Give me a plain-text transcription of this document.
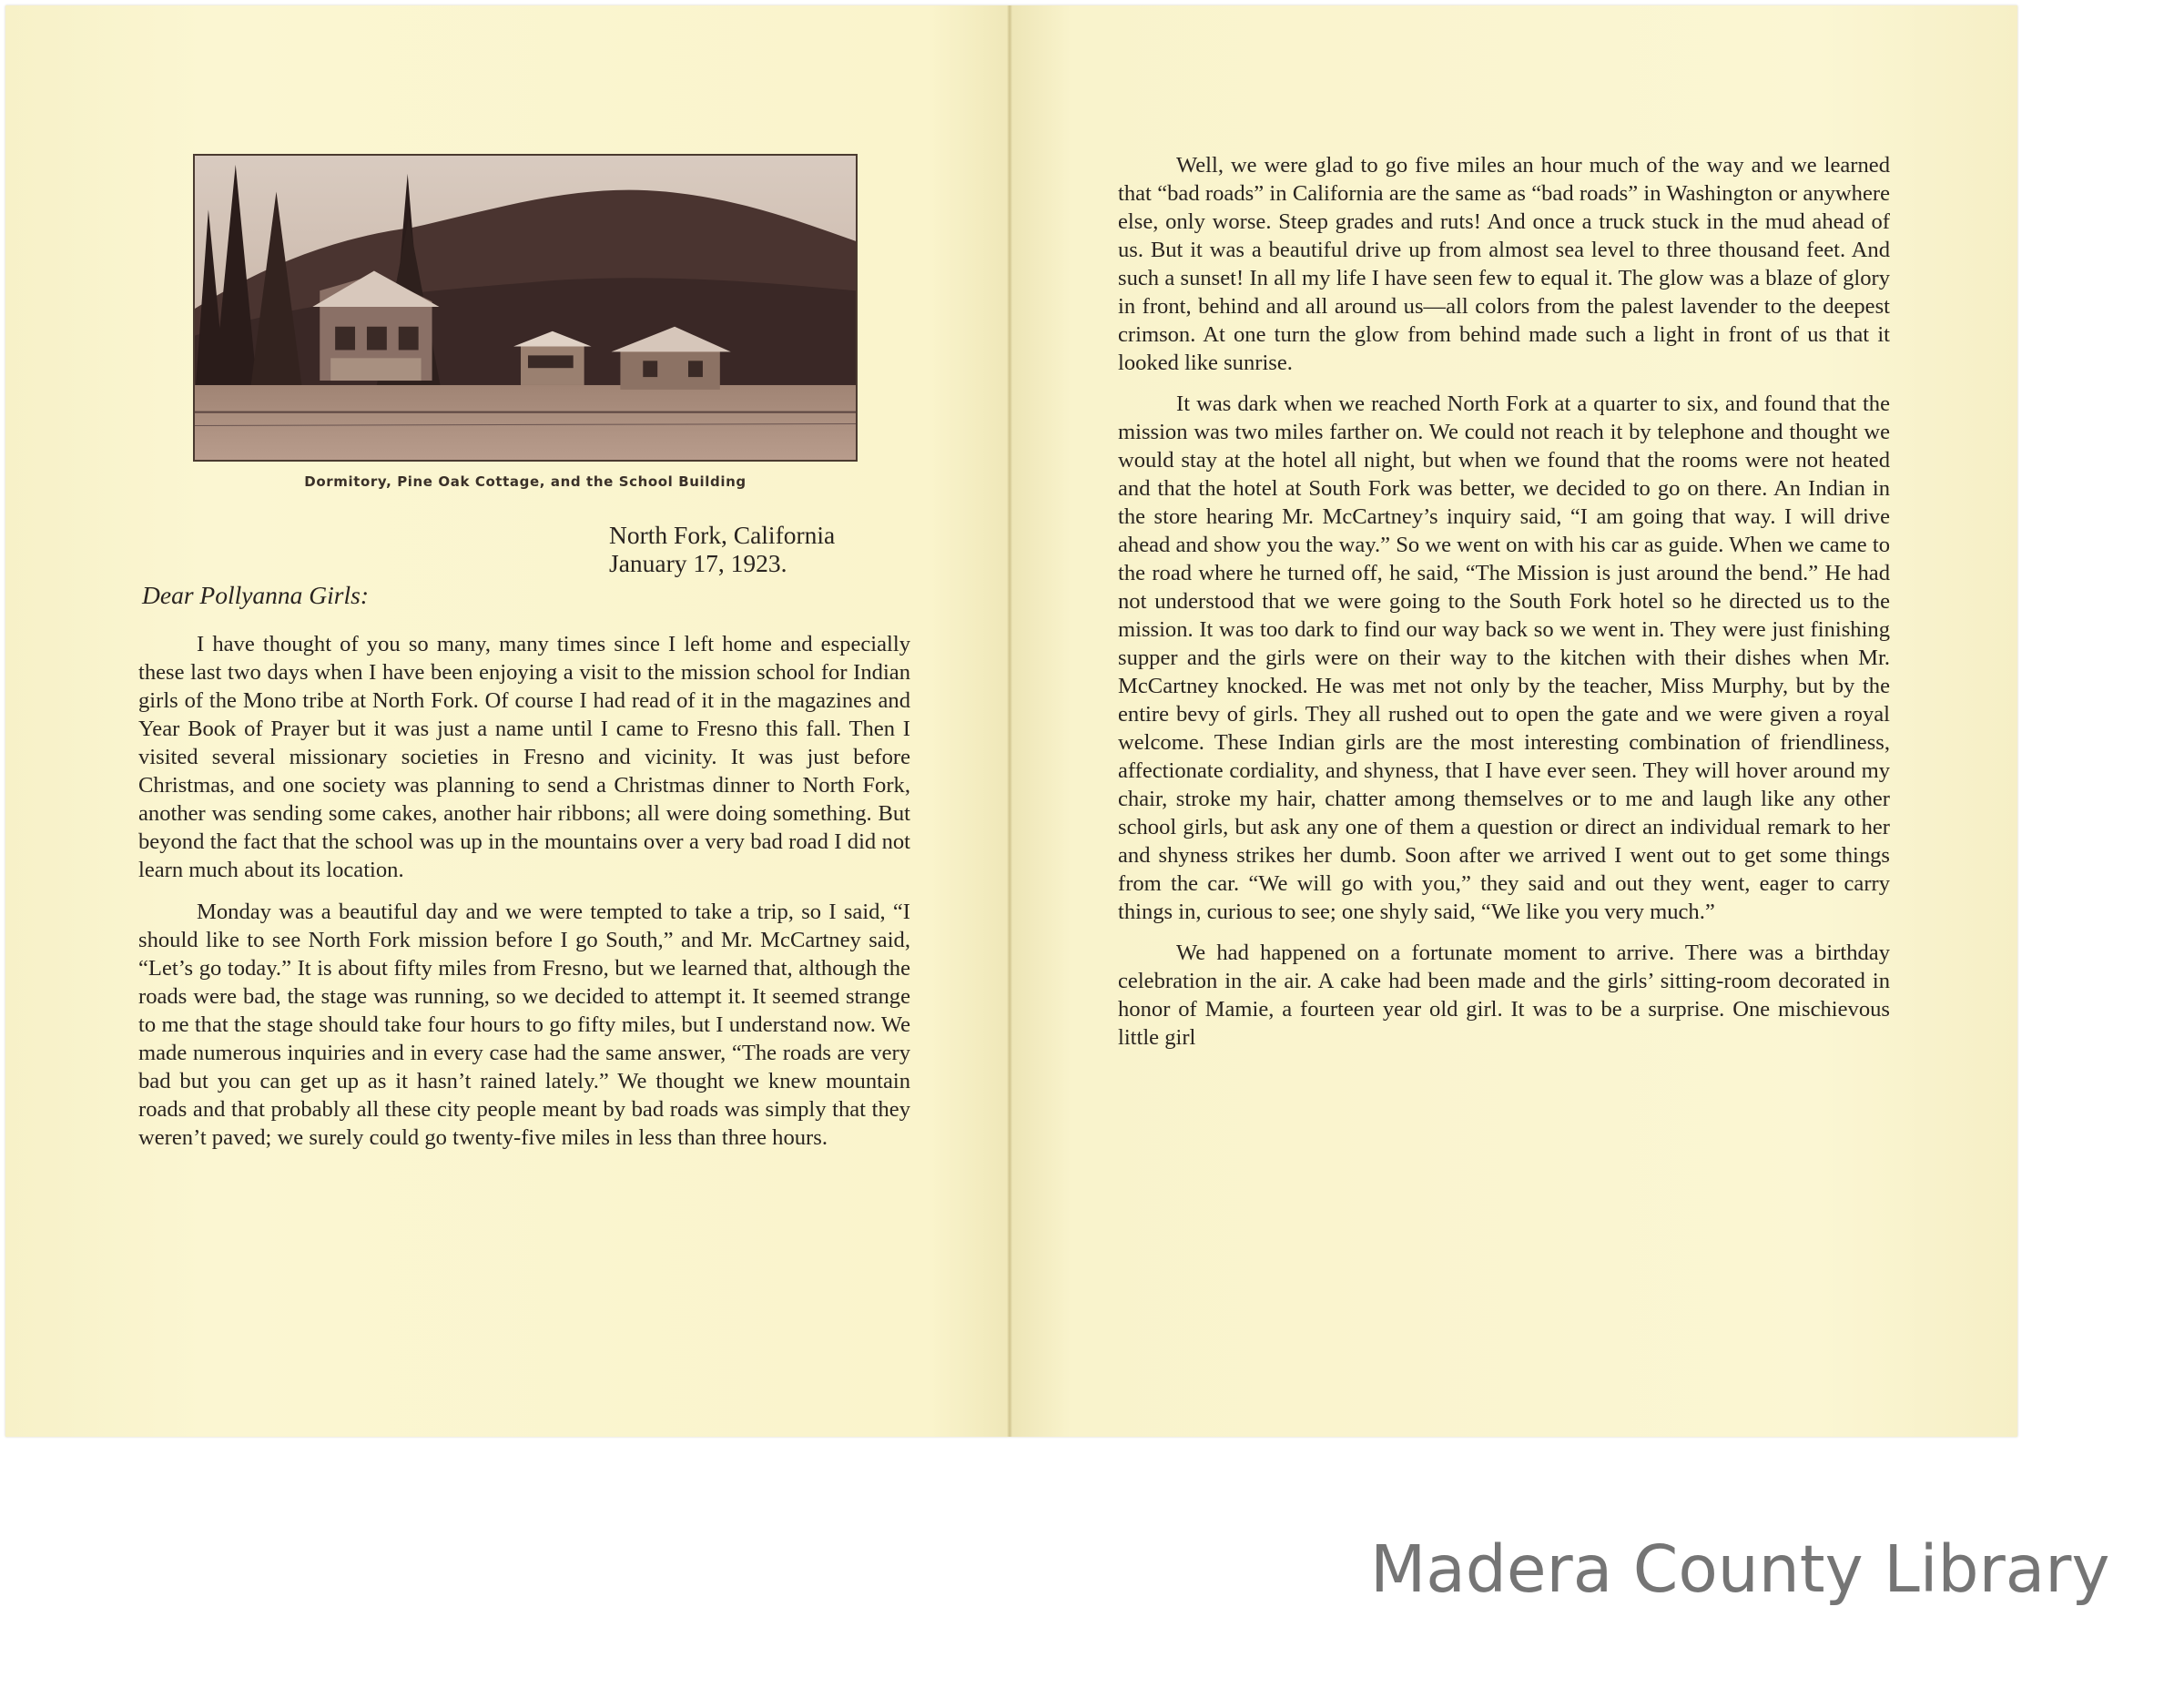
Dormitory, Pine Oak Cottage, and the School Building
North Fork, California
January 17, 1923.
Dear Pollyanna Girls:

I have thought of you so many, many times since I left home and especially these last two days when I have been enjoying a visit to the mission school for Indian girls of the Mono tribe at North Fork. Of course I had read of it in the magazines and Year Book of Prayer but it was just a name until I came to Fresno this fall. Then I visited several missionary societies in Fresno and vicinity. It was just before Christmas, and one society was planning to send a Christmas dinner to North Fork, another was sending some cakes, another hair ribbons; all were doing something. But beyond the fact that the school was up in the mountains over a very bad road I did not learn much about its location.

Monday was a beautiful day and we were tempted to take a trip, so I said, “I should like to see North Fork mission before I go South,” and Mr. McCartney said, “Let’s go today.” It is about fifty miles from Fresno, but we learned that, although the roads were bad, the stage was running, so we decided to attempt it. It seemed strange to me that the stage should take four hours to go fifty miles, but I understand now. We made numerous inquiries and in every case had the same answer, “The roads are very bad but you can get up as it hasn’t rained lately.” We thought we knew mountain roads and that probably all these city people meant by bad roads was simply that they weren’t paved; we surely could go twenty-five miles in less than three hours.

Well, we were glad to go five miles an hour much of the way and we learned that “bad roads” in California are the same as “bad roads” in Washington or anywhere else, only worse. Steep grades and ruts! And once a truck stuck in the mud ahead of us. But it was a beautiful drive up from almost sea level to three thousand feet. And such a sunset! In all my life I have seen few to equal it. The glow was a blaze of glory in front, behind and all around us—all colors from the palest lavender to the deepest crimson. At one turn the glow from behind made such a light in front of us that it looked like sunrise.

It was dark when we reached North Fork at a quarter to six, and found that the mission was two miles farther on. We could not reach it by telephone and thought we would stay at the hotel all night, but when we found that the rooms were not heated and that the hotel at South Fork was better, we decided to go on there. An Indian in the store hearing Mr. McCartney’s inquiry said, “I am going that way. I will drive ahead and show you the way.” So we went on with his car as guide. When we came to the road where he turned off, he said, “The Mission is just around the bend.” He had not understood that we were going to the South Fork hotel so he directed us to the mission. It was too dark to find our way back so we went in. They were just finishing supper and the girls were on their way to the kitchen with their dishes when Mr. McCartney knocked. He was met not only by the teacher, Miss Murphy, but by the entire bevy of girls. They all rushed out to open the gate and we were given a royal welcome. These Indian girls are the most interesting combination of friendliness, affectionate cordiality, and shyness, that I have ever seen. They will hover around my chair, stroke my hair, chatter among themselves or to me and laugh like any other school girls, but ask any one of them a question or direct an individual remark to her and shyness strikes her dumb. Soon after we arrived I went out to get some things from the car. “We will go with you,” they said and out they went, eager to carry things in, curious to see; one shyly said, “We like you very much.”

We had happened on a fortunate moment to arrive. There was a birthday celebration in the air. A cake had been made and the girls’ sitting-room decorated in honor of Mamie, a fourteen year old girl. It was to be a surprise. One mischievous little girl

Madera County Library
